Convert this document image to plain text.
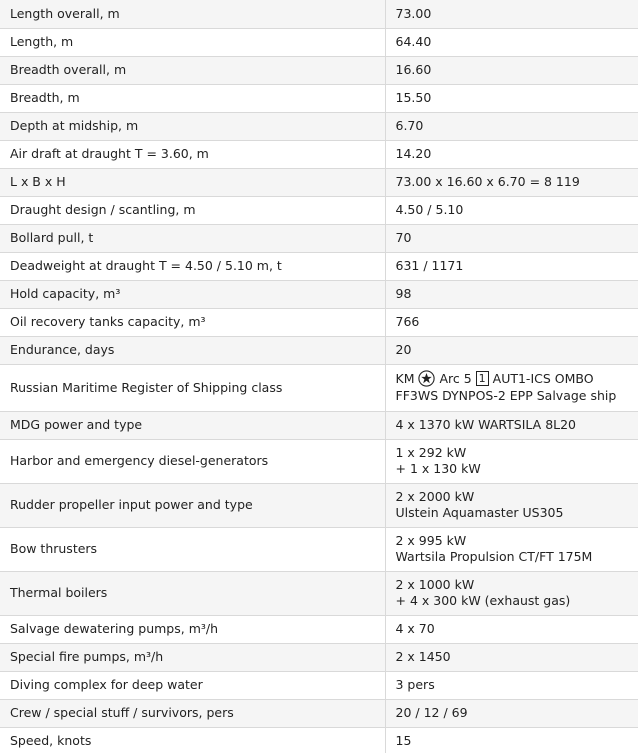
Length overall, m	73.00

Length, m	64.40

Breadth overall, m	16.60

Breadth, m	15.50

Depth at midship, m	6.70

Air draft at draught T = 3.60, m	14.20

L x B x H	73.00 x 16.60 x 6.70 = 8 119

Draught design / scantling, m	4.50 / 5.10

Bollard pull, t	70

Deadweight at draught T = 4.50 / 5.10 m, t	631 / 1171

Hold capacity, m³	98

Oil recovery tanks capacity, m³	766

Endurance, days	20

Russian Maritime Register of Shipping class	KM Arc 5 1 AUT1-ICS OMBO
FF3WS DYNPOS-2 EPP Salvage ship

MDG power and type	4 x 1370 kW WARTSILA 8L20

Harbor and emergency diesel-generators	1 x 292 kW
+ 1 x 130 kW

Rudder propeller input power and type	2 x 2000 kW
Ulstein Aquamaster US305

Bow thrusters	2 x 995 kW
Wartsila Propulsion CT/FT 175M

Thermal boilers	2 x 1000 kW
+ 4 x 300 kW (exhaust gas)

Salvage dewatering pumps, m³/h	4 x 70

Special fire pumps, m³/h	2 x 1450

Diving complex for deep water	3 pers

Crew / special stuff / survivors, pers	20 / 12 / 69

Speed, knots	15
